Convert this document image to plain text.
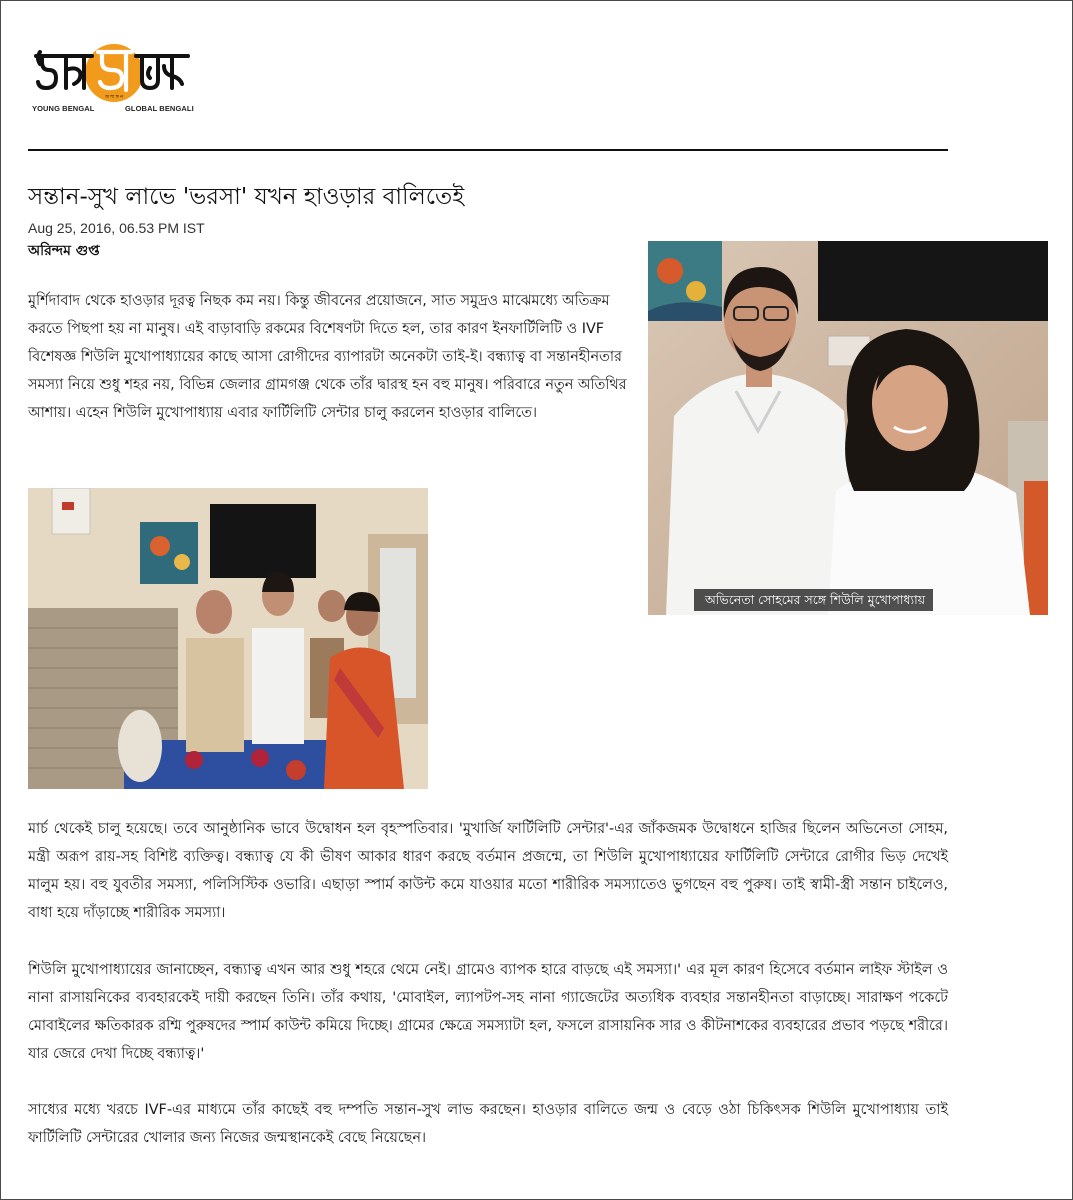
অ শা ঙ্গ ন
YOUNG BENGAL	GLOBAL BENGALI
সন্তান-সুখ লাভে 'ভরসা' যখন হাওড়ার বালিতেই
Aug 25, 2016, 06.53 PM IST
অরিন্দম গুপ্ত

মুর্শিদাবাদ থেকে হাওড়ার দূরত্ব নিছক কম নয়। কিন্তু জীবনের প্রয়োজনে, সাত সমুদ্রও মাঝেমধ্যে অতিক্রম করতে পিছপা হয় না মানুষ। এই বাড়াবাড়ি রকমের বিশেষণটা দিতে হল, তার কারণ ইনফার্টিলিটি ও IVF বিশেষজ্ঞ শিউলি মুখোপাধ্যায়ের কাছে আসা রোগীদের ব্যাপারটা অনেকটা তাই-ই। বন্ধ্যাত্ব বা সন্তানহীনতার সমস্যা নিয়ে শুধু শহর নয়, বিভিন্ন জেলার গ্রামগঞ্জ থেকে তাঁর দ্বারস্থ হন বহু মানুষ। পরিবারে নতুন অতিথির আশায়। এহেন শিউলি মুখোপাধ্যায় এবার ফার্টিলিটি সেন্টার চালু করলেন হাওড়ার বালিতে।

মার্চ থেকেই চালু হয়েছে। তবে আনুষ্ঠানিক ভাবে উদ্বোধন হল বৃহস্পতিবার। 'মুখার্জি ফার্টিলিটি সেন্টার'-এর জাঁকজমক উদ্বোধনে হাজির ছিলেন অভিনেতা সোহম, মন্ত্রী অরূপ রায়-সহ বিশিষ্ট ব্যক্তিত্ব। বন্ধ্যাত্ব যে কী ভীষণ আকার ধারণ করছে বর্তমান প্রজন্মে, তা শিউলি মুখোপাধ্যায়ের ফার্টিলিটি সেন্টারে রোগীর ভিড় দেখেই মালুম হয়। বহু যুবতীর সমস্যা, পলিসিস্টিক ওভারি। এছাড়া স্পার্ম কাউন্ট কমে যাওয়ার মতো শারীরিক সমস্যাতেও ভুগছেন বহু পুরুষ। তাই স্বামী-স্ত্রী সন্তান চাইলেও, বাধা হয়ে দাঁড়াচ্ছে শারীরিক সমস্যা।

শিউলি মুখোপাধ্যায়ের জানাচ্ছেন, বন্ধ্যাত্ব এখন আর শুধু শহরে থেমে নেই। গ্রামেও ব্যাপক হারে বাড়ছে এই সমস্যা।' এর মূল কারণ হিসেবে বর্তমান লাইফ স্টাইল ও নানা রাসায়নিকের ব্যবহারকেই দায়ী করছেন তিনি। তাঁর কথায়, 'মোবাইল, ল্যাপটপ-সহ নানা গ্যাজেটের অত্যধিক ব্যবহার সন্তানহীনতা বাড়াচ্ছে। সারাক্ষণ পকেটে মোবাইলের ক্ষতিকারক রশ্মি পুরুষদের স্পার্ম কাউন্ট কমিয়ে দিচ্ছে। গ্রামের ক্ষেত্রে সমস্যাটা হল, ফসলে রাসায়নিক সার ও কীটনাশকের ব্যবহারের প্রভাব পড়ছে শরীরে। যার জেরে দেখা দিচ্ছে বন্ধ্যাত্ব।'

সাধ্যের মধ্যে খরচে IVF-এর মাধ্যমে তাঁর কাছেই বহু দম্পতি সন্তান-সুখ লাভ করছেন। হাওড়ার বালিতে জন্ম ও বেড়ে ওঠা চিকিৎসক শিউলি মুখোপাধ্যায় তাই ফার্টিলিটি সেন্টারের খোলার জন্য নিজের জন্মস্থানকেই বেছে নিয়েছেন।

অভিনেতা সোহমের সঙ্গে শিউলি মুখোপাধ্যায়
